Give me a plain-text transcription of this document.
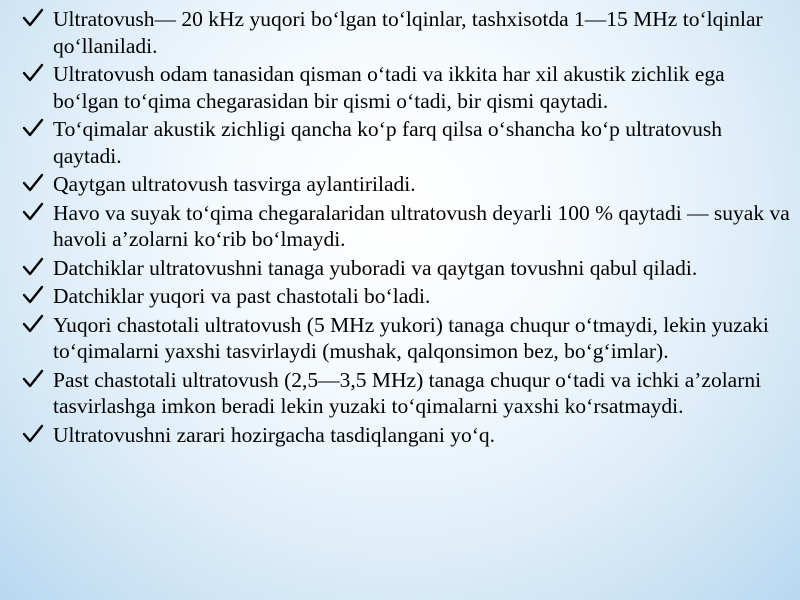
Ultratovush— 20 kHz yuqori bo‘lgan to‘lqinlar, tashxisotda 1—15 MHz to‘lqinlar qo‘llaniladi.
Ultratovush odam tanasidan qisman o‘tadi va ikkita har xil akustik zichlik ega bo‘lgan to‘qima chegarasidan bir qismi o‘tadi, bir qismi qaytadi.
To‘qimalar akustik zichligi qancha ko‘p farq qilsa o‘shancha ko‘p ultratovush qaytadi.
Qaytgan ultratovush tasvirga aylantiriladi.
Havo va suyak to‘qima chegaralaridan ultratovush deyarli 100 % qaytadi — suyak va havoli a’zolarni ko‘rib bo‘lmaydi.
Datchiklar ultratovushni tanaga yuboradi va qaytgan tovushni qabul qiladi.
Datchiklar yuqori va past chastotali bo‘ladi.
Yuqori chastotali ultratovush (5 MHz yukori) tanaga chuqur o‘tmaydi, lekin yuzaki to‘qimalarni yaxshi tasvirlaydi (mushak, qalqonsimon bez, bo‘g‘imlar).
Past chastotali ultratovush (2,5—3,5 MHz) tanaga chuqur o‘tadi va ichki a’zolarni tasvirlashga imkon beradi lekin yuzaki to‘qimalarni yaxshi ko‘rsatmaydi.
Ultratovushni zarari hozirgacha tasdiqlangani yo‘q.
